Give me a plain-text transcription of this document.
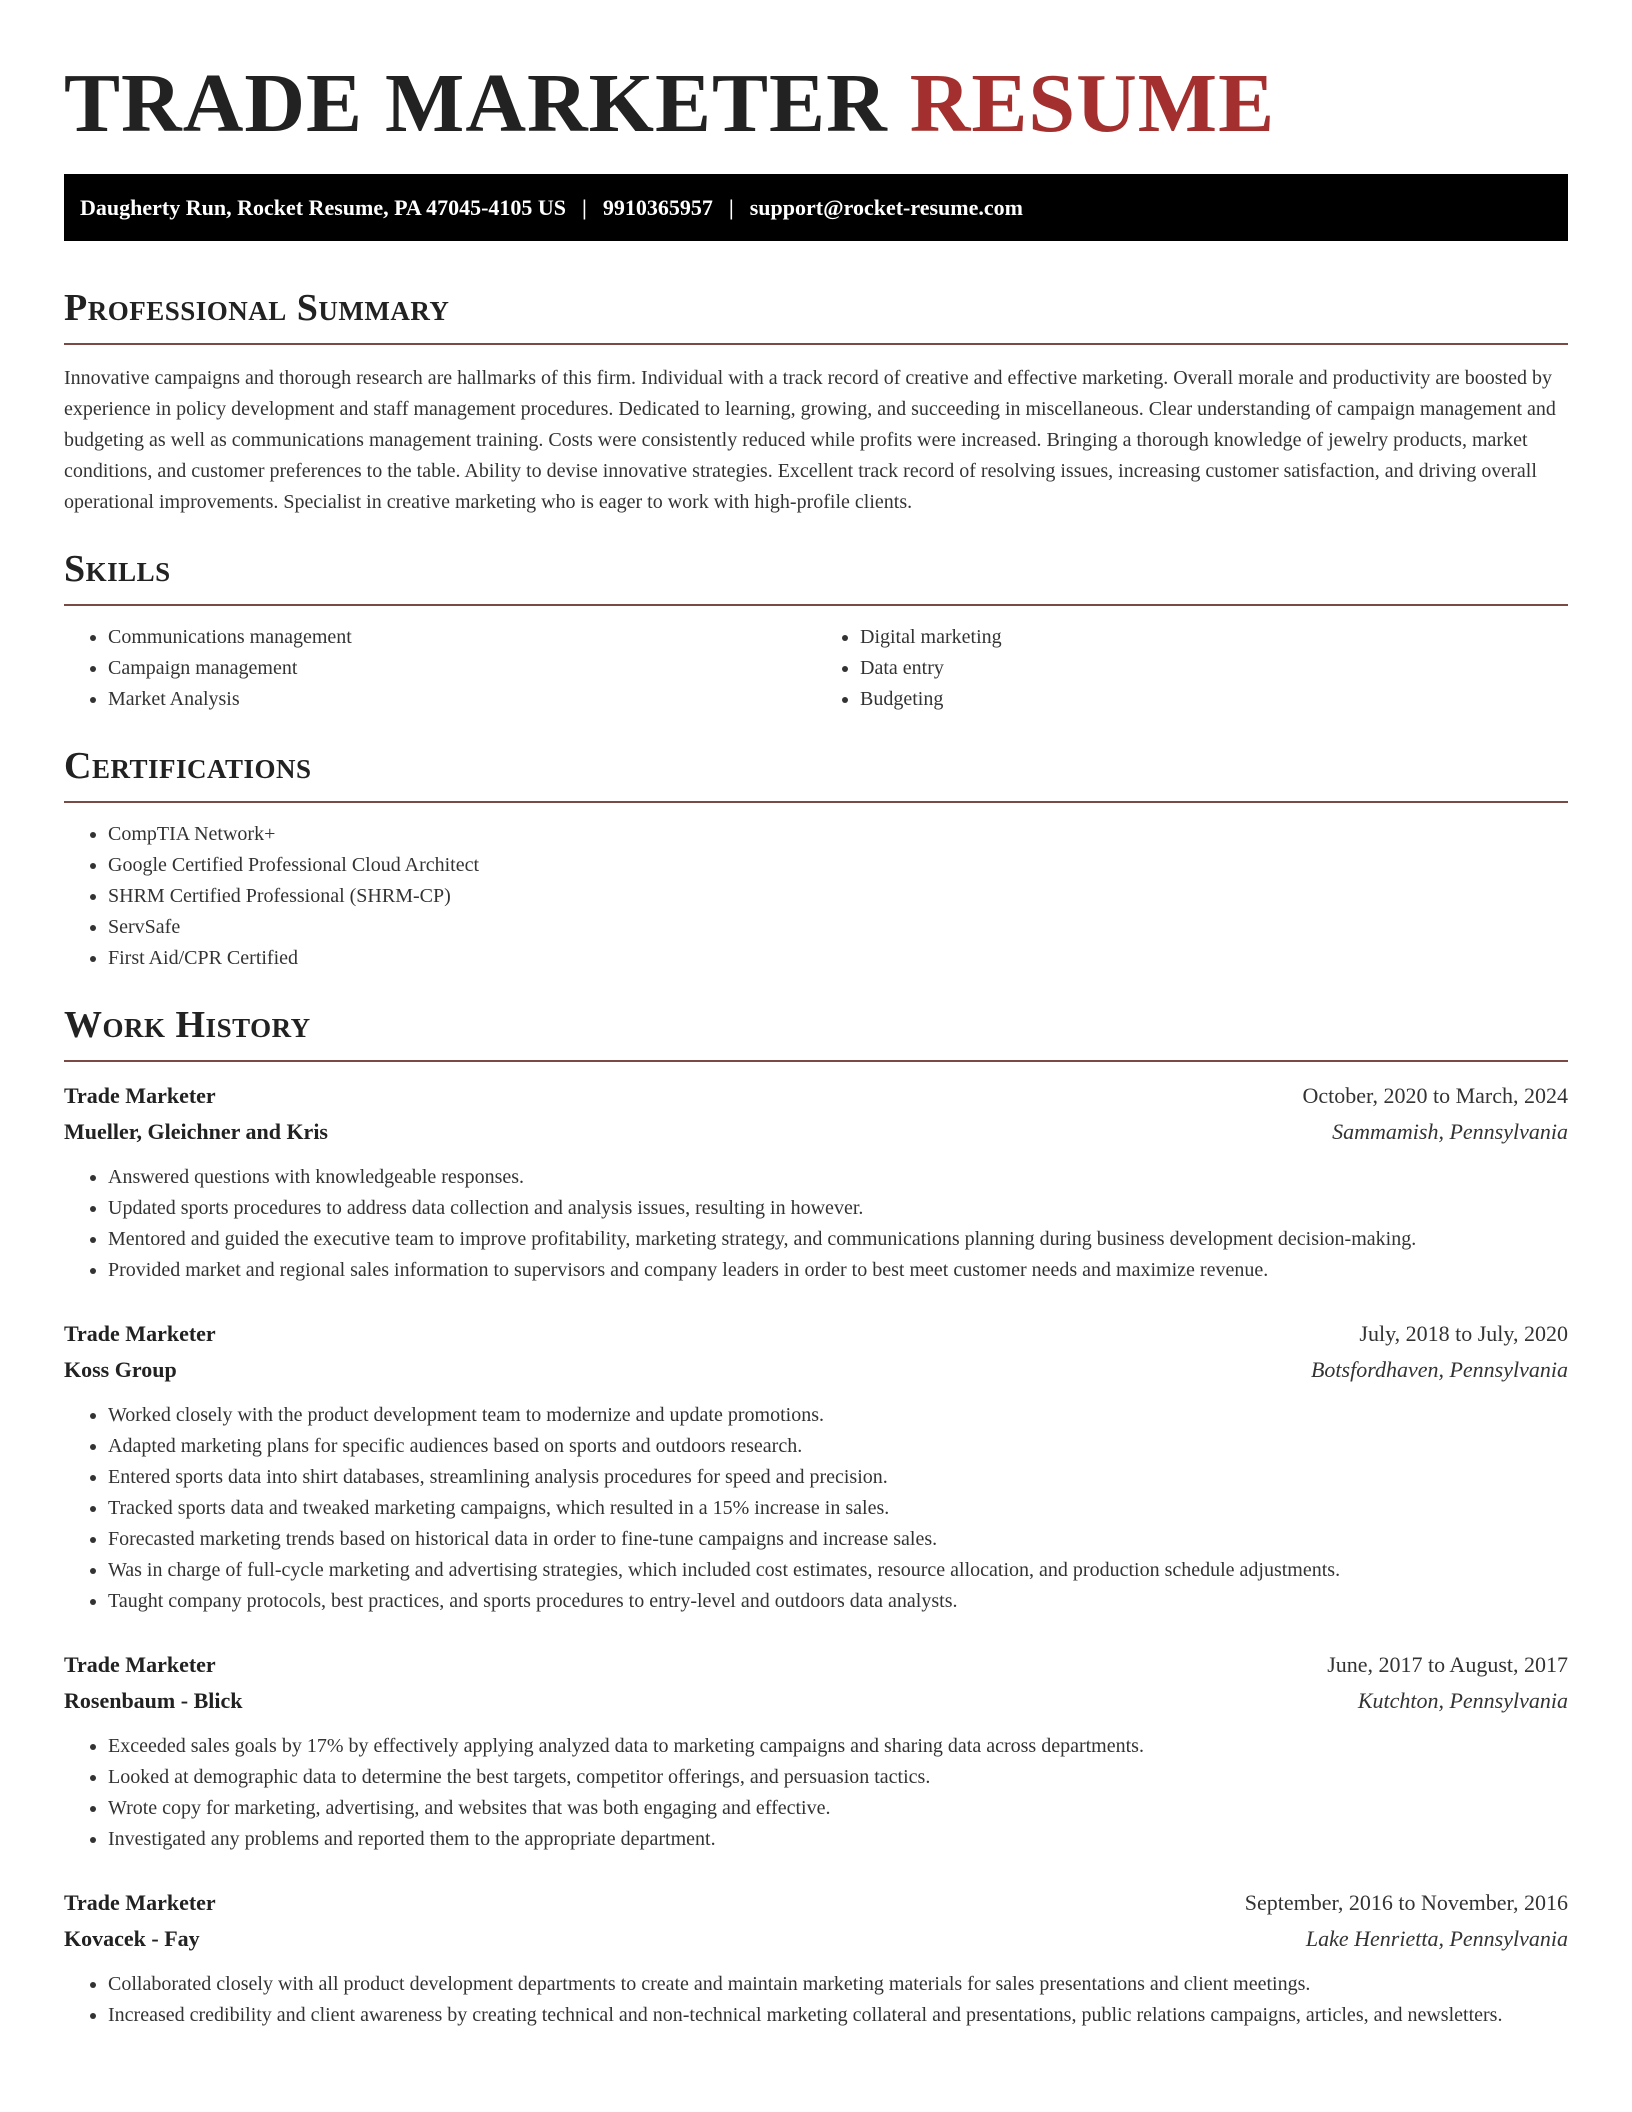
TRADE MARKETER RESUME
Daugherty Run, Rocket Resume, PA 47045-4105 US | 9910365957 | support@rocket-resume.com
Professional Summary

Innovative campaigns and thorough research are hallmarks of this firm. Individual with a track record of creative and effective marketing. Overall morale and productivity are boosted by experience in policy development and staff management procedures. Dedicated to learning, growing, and succeeding in miscellaneous. Clear understanding of campaign management and budgeting as well as communications management training. Costs were consistently reduced while profits were increased. Bringing a thorough knowledge of jewelry products, market conditions, and customer preferences to the table. Ability to devise innovative strategies. Excellent track record of resolving issues, increasing customer satisfaction, and driving overall operational improvements. Specialist in creative marketing who is eager to work with high-profile clients.

Skills
• Communications management
• Campaign management
• Market Analysis
• Digital marketing
• Data entry
• Budgeting
Certifications
• CompTIA Network+
• Google Certified Professional Cloud Architect
• SHRM Certified Professional (SHRM-CP)
• ServSafe
• First Aid/CPR Certified
Work History
Trade Marketer	October, 2020 to March, 2024
Mueller, Gleichner and Kris	Sammamish, Pennsylvania
• Answered questions with knowledgeable responses.
• Updated sports procedures to address data collection and analysis issues, resulting in however.
• Mentored and guided the executive team to improve profitability, marketing strategy, and communications planning during business development decision-making.
• Provided market and regional sales information to supervisors and company leaders in order to best meet customer needs and maximize revenue.
Trade Marketer	July, 2018 to July, 2020
Koss Group	Botsfordhaven, Pennsylvania
• Worked closely with the product development team to modernize and update promotions.
• Adapted marketing plans for specific audiences based on sports and outdoors research.
• Entered sports data into shirt databases, streamlining analysis procedures for speed and precision.
• Tracked sports data and tweaked marketing campaigns, which resulted in a 15% increase in sales.
• Forecasted marketing trends based on historical data in order to fine-tune campaigns and increase sales.
• Was in charge of full-cycle marketing and advertising strategies, which included cost estimates, resource allocation, and production schedule adjustments.
• Taught company protocols, best practices, and sports procedures to entry-level and outdoors data analysts.
Trade Marketer	June, 2017 to August, 2017
Rosenbaum - Blick	Kutchton, Pennsylvania
• Exceeded sales goals by 17% by effectively applying analyzed data to marketing campaigns and sharing data across departments.
• Looked at demographic data to determine the best targets, competitor offerings, and persuasion tactics.
• Wrote copy for marketing, advertising, and websites that was both engaging and effective.
• Investigated any problems and reported them to the appropriate department.
Trade Marketer	September, 2016 to November, 2016
Kovacek - Fay	Lake Henrietta, Pennsylvania
• Collaborated closely with all product development departments to create and maintain marketing materials for sales presentations and client meetings.
• Increased credibility and client awareness by creating technical and non-technical marketing collateral and presentations, public relations campaigns, articles, and newsletters.
